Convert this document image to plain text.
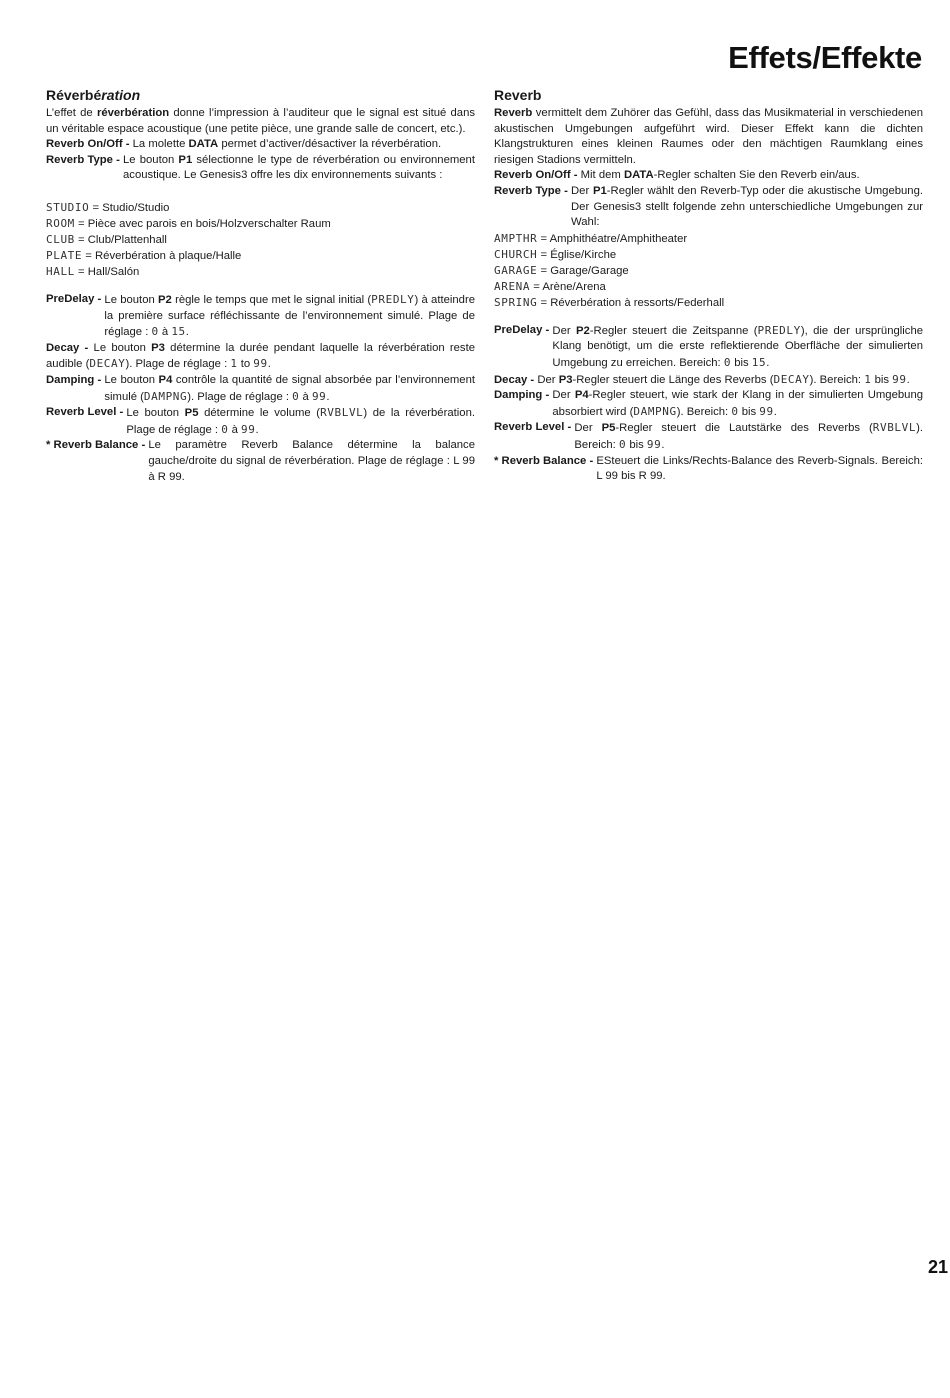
Effets/Effekte
Réverbération

L’effet de réverbération donne l’impression à l’auditeur que le signal est situé dans un véritable espace acoustique (une petite pièce, une grande salle de concert, etc.).

Reverb On/Off - La molette DATA permet d’activer/désactiver la réverbération.

Reverb Type - Le bouton P1 sélectionne le type de réverbération ou environnement acoustique. Le Genesis3 offre les dix environnements suivants :
STUDIO = Studio/Studio
ROOM = Pièce avec parois en bois/Holzverschalter Raum
CLUB = Club/Plattenhall
PLATE = Réverbération à plaque/Halle
HALL = Hall/Salón
PreDelay - Le bouton P2 règle le temps que met le signal initial (PREDLY) à atteindre la première surface réfléchissante de l’environnement simulé. Plage de réglage : 0 à 15.

Decay - Le bouton P3 détermine la durée pendant laquelle la réverbération reste audible (DECAY). Plage de réglage : 1 to 99.

Damping - Le bouton P4 contrôle la quantité de signal absorbée par l’environnement simulé (DAMPNG). Plage de réglage : 0 à 99.
Reverb Level - Le bouton P5 détermine le volume (RVBLVL) de la réverbération. Plage de réglage : 0 à 99.
* Reverb Balance - Le paramètre Reverb Balance détermine la balance gauche/droite du signal de réverbération. Plage de réglage : L 99 à R 99.
Reverb

Reverb vermittelt dem Zuhörer das Gefühl, dass das Musikmaterial in verschiedenen akustischen Umgebungen aufgeführt wird. Dieser Effekt kann die dichten Klangstrukturen eines kleinen Raumes oder den mächtigen Raumklang eines riesigen Stadions vermitteln.

Reverb On/Off - Mit dem DATA-Regler schalten Sie den Reverb ein/aus.

Reverb Type - Der P1-Regler wählt den Reverb-Typ oder die akustische Umgebung. Der Genesis3 stellt folgende zehn unterschiedliche Umgebungen zur Wahl:
AMPTHR = Amphithéatre/Amphitheater
CHURCH = Église/Kirche
GARAGE = Garage/Garage
ARENA = Arène/Arena
SPRING = Réverbération à ressorts/Federhall
PreDelay - Der P2-Regler steuert die Zeitspanne (PREDLY), die der ursprüngliche Klang benötigt, um die erste reflektierende Oberfläche der simulierten Umgebung zu erreichen. Bereich: 0 bis 15.

Decay - Der P3-Regler steuert die Länge des Reverbs (DECAY). Bereich: 1 bis 99.

Damping - Der P4-Regler steuert, wie stark der Klang in der simulierten Umgebung absorbiert wird (DAMPNG). Bereich: 0 bis 99.
Reverb Level - Der P5-Regler steuert die Lautstärke des Reverbs (RVBLVL). Bereich: 0 bis 99.
* Reverb Balance - ESteuert die Links/Rechts-Balance des Reverb-Signals. Bereich: L 99 bis R 99.
21
